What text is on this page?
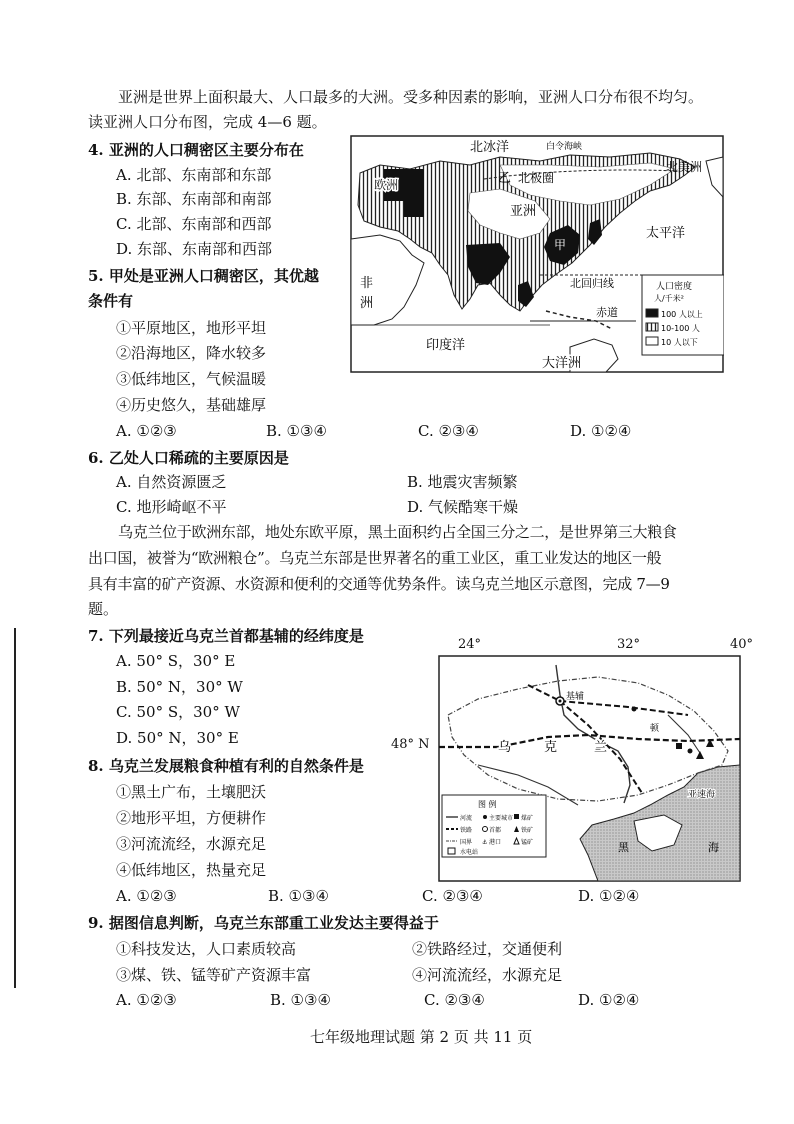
亚洲是世界上面积最大、人口最多的大洲。受多种因素的影响，亚洲人口分布很不均匀。
读亚洲人口分布图，完成 4—6 题。
4. 亚洲的人口稠密区主要分布在
A. 北部、东南部和东部
B. 东部、东南部和南部
C. 北部、东南部和西部
D. 东部、东南部和西部
5. 甲处是亚洲人口稠密区，其优越
条件有
①平原地区，地形平坦
②沿海地区，降水较多
③低纬地区，气候温暖
④历史悠久，基础雄厚
A. ①②③	B. ①③④	C. ②③④	D. ①②④
6. 乙处人口稀疏的主要原因是
A. 自然资源匮乏	B. 地震灾害频繁
C. 地形崎岖不平	D. 气候酷寒干燥
乌克兰位于欧洲东部，地处东欧平原，黑土面积约占全国三分之二，是世界第三大粮食
出口国，被誉为“欧洲粮仓”。乌克兰东部是世界著名的重工业区，重工业发达的地区一般
具有丰富的矿产资源、水资源和便利的交通等优势条件。读乌克兰地区示意图，完成 7—9
题。
7. 下列最接近乌克兰首都基辅的经纬度是
A. 50° S，30° E
B. 50° N，30° W
C. 50° S，30° W
D. 50° N，30° E
8. 乌克兰发展粮食种植有利的自然条件是
①黑土广布，土壤肥沃
②地形平坦，方便耕作
③河流流经，水源充足
④低纬地区，热量充足
A. ①②③	B. ①③④	C. ②③④	D. ①②④
9. 据图信息判断，乌克兰东部重工业发达主要得益于
①科技发达，人口素质较高	②铁路经过，交通便利
③煤、铁、锰等矿产资源丰富	④河流流经，水源充足
A. ①②③	B. ①③④	C. ②③④	D. ①②④
七年级地理试题 第 2 页 共 11 页
北冰洋	白令海峡
北美洲
欧洲	乙 北极圈
亚洲
甲
太平洋
非
洲
北回归线
赤道
印度洋
大洋洲
人口密度
人/千米²
100 人以上
10-100 人
10 人以下
24°	32°	40°
48° N
基辅
乌	克	兰
顿
亚速海
黑	海
图 例
河流	主要城市 煤矿
铁路	首都	铁矿
国界 ⚓ 港口	锰矿
水电站
